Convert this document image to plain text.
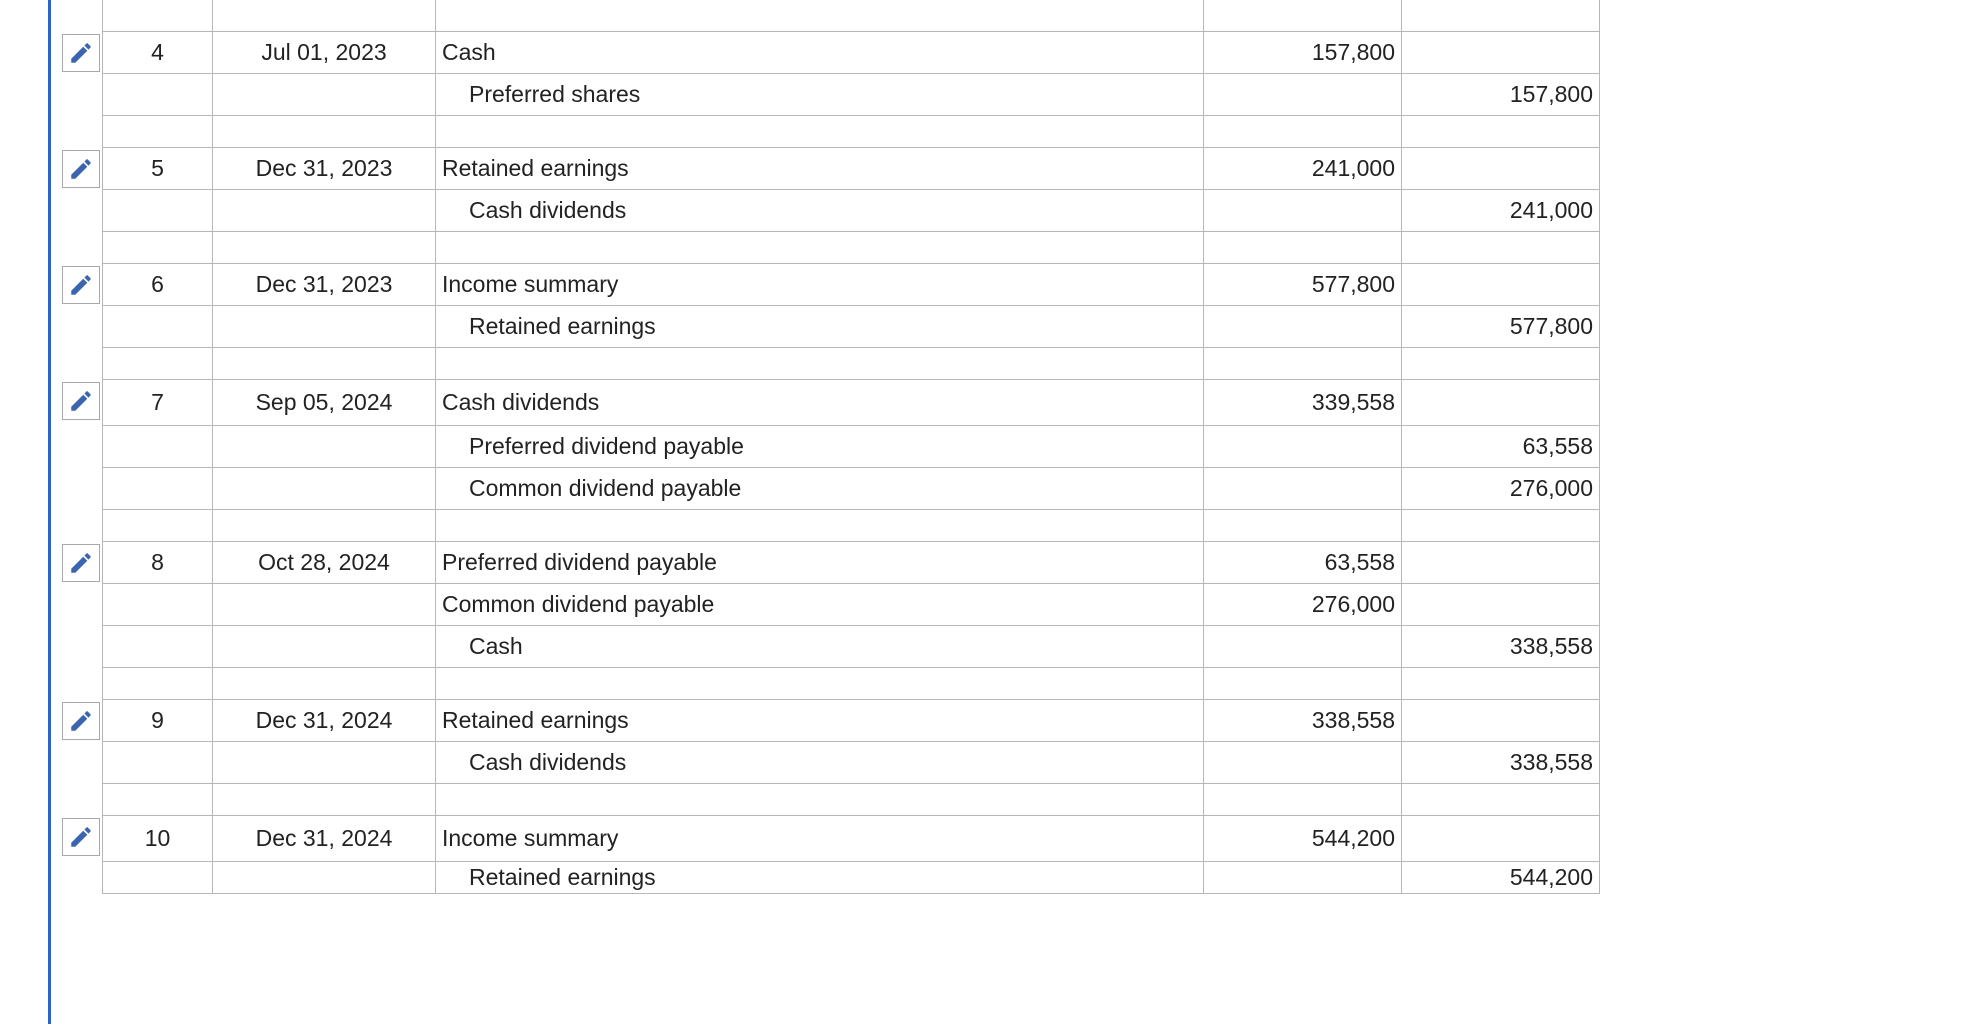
4	Jul 01, 2023	Cash	157,800	
		Preferred shares		157,800

5	Dec 31, 2023	Retained earnings	241,000	
		Cash dividends		241,000

6	Dec 31, 2023	Income summary	577,800	
		Retained earnings		577,800

7	Sep 05, 2024	Cash dividends	339,558	
		Preferred dividend payable		63,558
		Common dividend payable		276,000

8	Oct 28, 2024	Preferred dividend payable	63,558	
		Common dividend payable	276,000	
		Cash		338,558

9	Dec 31, 2024	Retained earnings	338,558	
		Cash dividends		338,558

10	Dec 31, 2024	Income summary	544,200	
		Retained earnings		544,200
